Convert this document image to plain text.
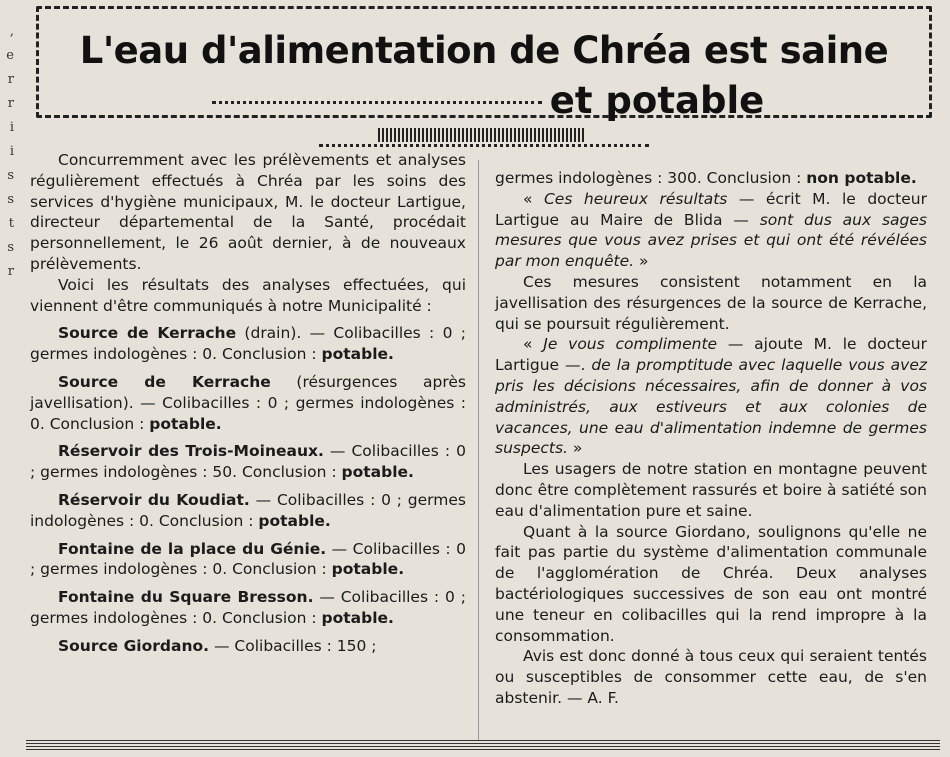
,
e
r
r
i
i
s
s
t
s
r
L'eau d'alimentation de Chréa est saine
et potable

Concurremment avec les prélèvements et analyses régulièrement effectués à Chréa par les soins des services d'hygiène municipaux, M. le docteur Lartigue, directeur départemental de la Santé, procédait personnellement, le 26 août dernier, à de nouveaux prélèvements.

Voici les résultats des analyses effectuées, qui viennent d'être communiqués à notre Municipalité :

Source de Kerrache (drain). — Colibacilles : 0 ; germes indologènes : 0. Conclusion : potable.

Source de Kerrache (résurgences après javellisation). — Colibacilles : 0 ; germes indologènes : 0. Conclusion : potable.

Réservoir des Trois-Moineaux. — Colibacilles : 0 ; germes indologènes : 50. Conclusion : potable.

Réservoir du Koudiat. — Colibacilles : 0 ; germes indologènes : 0. Conclusion : potable.

Fontaine de la place du Génie. — Colibacilles : 0 ; germes indologènes : 0. Conclusion : potable.

Fontaine du Square Bresson. — Colibacilles : 0 ; germes indologènes : 0. Conclusion : potable.

Source Giordano. — Colibacilles : 150 ;

germes indologènes : 300. Conclusion : non potable.

« Ces heureux résultats — écrit M. le docteur Lartigue au Maire de Blida — sont dus aux sages mesures que vous avez prises et qui ont été révélées par mon enquête. »

Ces mesures consistent notamment en la javellisation des résurgences de la source de Kerrache, qui se poursuit régulièrement.

« Je vous complimente — ajoute M. le docteur Lartigue —. de la promptitude avec laquelle vous avez pris les décisions nécessaires, afin de donner à vos administrés, aux estiveurs et aux colonies de vacances, une eau d'alimentation indemne de germes suspects. »

Les usagers de notre station en montagne peuvent donc être complètement rassurés et boire à satiété son eau d'alimentation pure et saine.

Quant à la source Giordano, soulignons qu'elle ne fait pas partie du système d'alimentation communale de l'agglomération de Chréa. Deux analyses bactériologiques successives de son eau ont montré une teneur en colibacilles qui la rend impropre à la consommation.

Avis est donc donné à tous ceux qui seraient tentés ou susceptibles de consommer cette eau, de s'en abstenir. — A. F.
